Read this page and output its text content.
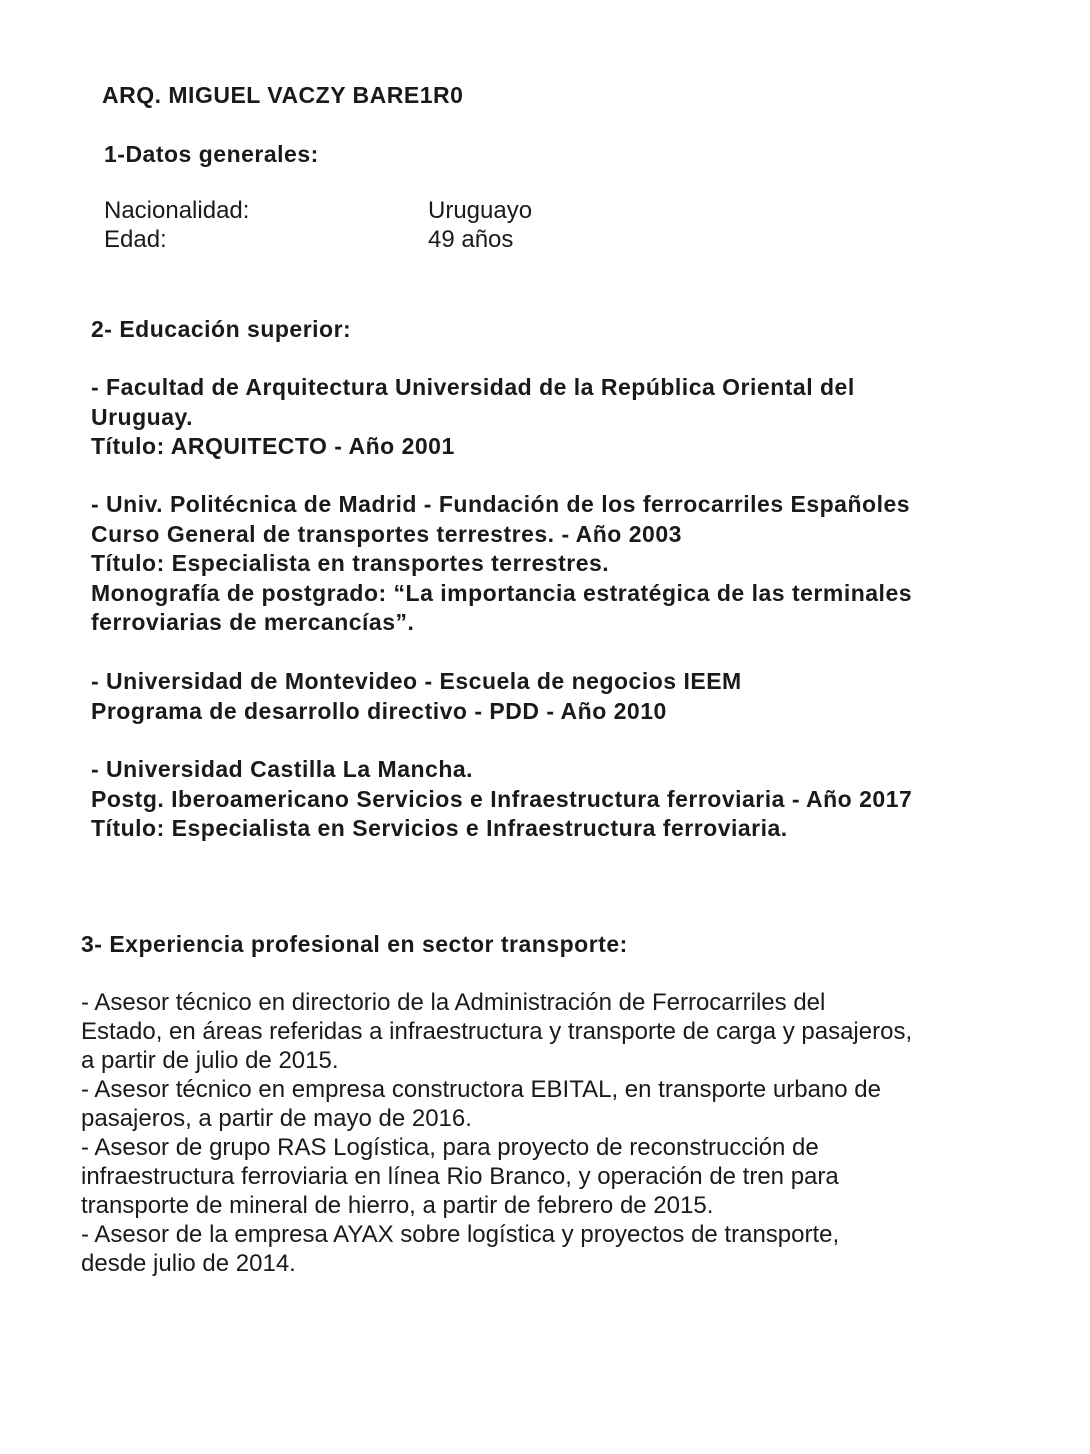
ARQ. MIGUEL VACZY BARE1R0

1-Datos generales:

Nacionalidad:	Uruguayo
Edad:	49 años

2- Educación superior:

- Facultad de Arquitectura Universidad de la República Oriental del

Uruguay.

Título: ARQUITECTO - Año 2001

- Univ. Politécnica de Madrid - Fundación de los ferrocarriles Españoles

Curso General de transportes terrestres. - Año 2003

Título: Especialista en transportes terrestres.

Monografía de postgrado: “La importancia estratégica de las terminales

ferroviarias de mercancías”.

- Universidad de Montevideo - Escuela de negocios IEEM

Programa de desarrollo directivo - PDD - Año 2010

- Universidad Castilla La Mancha.

Postg. Iberoamericano Servicios e Infraestructura ferroviaria - Año 2017

Título: Especialista en Servicios e Infraestructura ferroviaria.

3- Experiencia profesional en sector transporte:

- Asesor técnico en directorio de la Administración de Ferrocarriles del

Estado, en áreas referidas a infraestructura y transporte de carga y pasajeros,

a partir de julio de 2015.

- Asesor técnico en empresa constructora EBITAL, en transporte urbano de

pasajeros, a partir de mayo de 2016.

- Asesor de grupo RAS Logística, para proyecto de reconstrucción de

infraestructura ferroviaria en línea Rio Branco, y operación de tren para

transporte de mineral de hierro, a partir de febrero de 2015.

- Asesor de la empresa AYAX sobre logística y proyectos de transporte,

desde julio de 2014.
